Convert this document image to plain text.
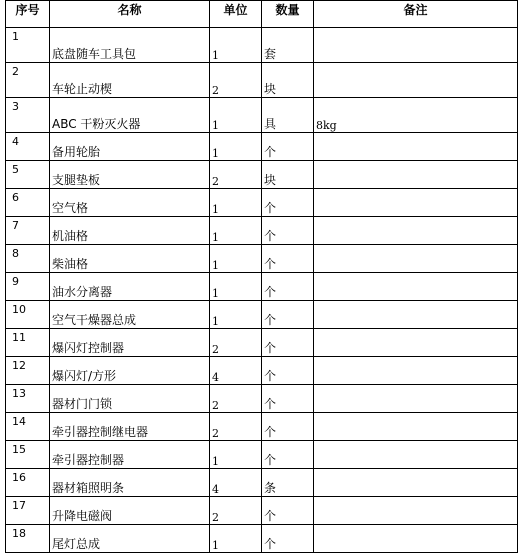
序号	名称	单位	数量	备注
1	底盘随车工具包	1	套	
2	车轮止动楔	2	块	
3	ABC 干粉灭火器	1	具	8kg
4	备用轮胎	1	个	
5	支腿垫板	2	块	
6	空气格	1	个	
7	机油格	1	个	
8	柴油格	1	个	
9	油水分离器	1	个	
10	空气干燥器总成	1	个	
11	爆闪灯控制器	2	个	
12	爆闪灯/方形	4	个	
13	器材门门锁	2	个	
14	牵引器控制继电器	2	个	
15	牵引器控制器	1	个	
16	器材箱照明条	4	条	
17	升降电磁阀	2	个	
18	尾灯总成	1	个	
